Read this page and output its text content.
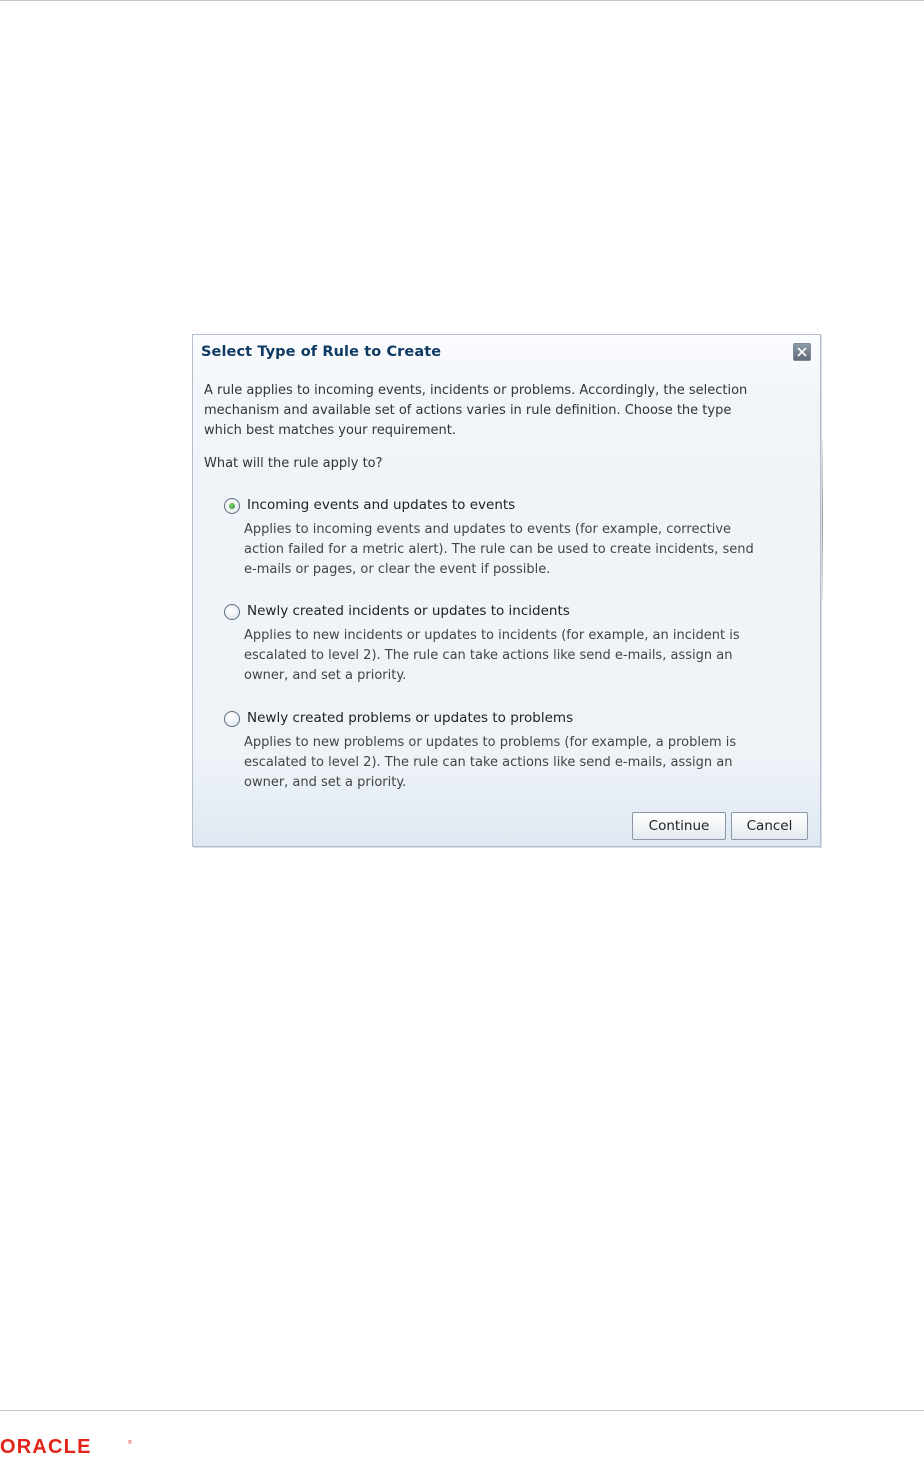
Select Type of Rule to Create
A rule applies to incoming events, incidents or problems. Accordingly, the selection
mechanism and available set of actions varies in rule definition. Choose the type
which best matches your requirement.
What will the rule apply to?
Incoming events and updates to events
Applies to incoming events and updates to events (for example, corrective
action failed for a metric alert). The rule can be used to create incidents, send
e-mails or pages, or clear the event if possible.
Newly created incidents or updates to incidents
Applies to new incidents or updates to incidents (for example, an incident is
escalated to level 2). The rule can take actions like send e-mails, assign an
owner, and set a priority.
Newly created problems or updates to problems
Applies to new problems or updates to problems (for example, a problem is
escalated to level 2). The rule can take actions like send e-mails, assign an
owner, and set a priority.
Continue	Cancel
ORACLE	®
